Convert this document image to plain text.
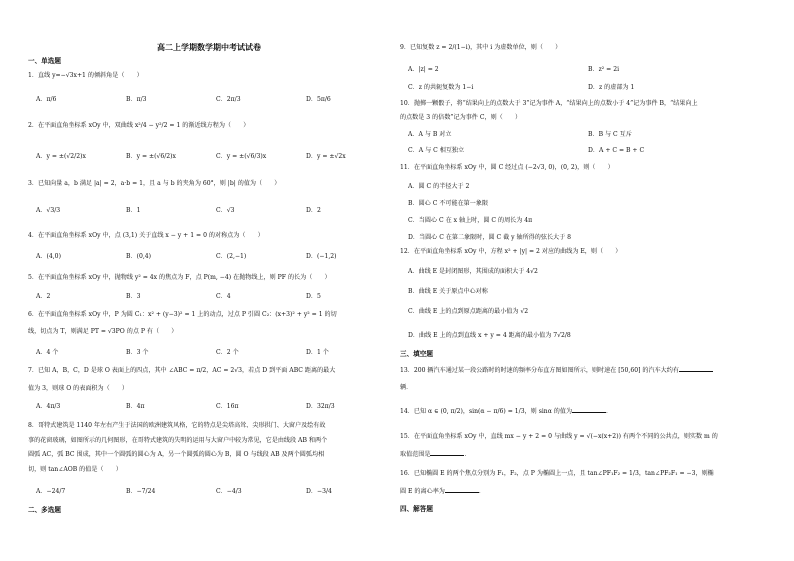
高二上学期数学期中考试试卷
一、单选题

1．直线 y=−√3x+1 的倾斜角是（　　）

A．π/6	B．π/3	C．2π/3	D．5π/6

2．在平面直角坐标系 xOy 中，双曲线 x²/4 − y²/2 = 1 的渐近线方程为（　　）

A．y = ±(√2/2)x	B．y = ±(√6/2)x	C．y = ±(√6/3)x	D．y = ±√2x

3．已知向量 a，b 满足 |a| = 2，a·b = 1，且 a 与 b 的夹角为 60°，则 |b| 的值为（　　）

A．√3/3	B．1	C．√3	D．2

4．在平面直角坐标系 xOy 中，点 (3,1) 关于直线 x − y + 1 = 0 的对称点为（　　）

A．(4,0)	B．(0,4)	C．(2,−1)	D．(−1,2)

5．在平面直角坐标系 xOy 中，抛物线 y² = 4x 的焦点为 F，点 P(m, −4) 在抛物线上，则 PF 的长为（　　）

A．2	B．3	C．4	D．5

6．在平面直角坐标系 xOy 中，P 为圆 C₁：x² + (y−3)² = 1 上的动点，过点 P 引圆 C₂：(x+3)² + y² = 1 的切

线，切点为 T，则满足 PT = √3PO 的点 P 有（　　）

A．4 个	B．3 个	C．2 个	D．1 个

7．已知 A，B，C，D 是球 O 表面上的四点，其中 ∠ABC = π/2，AC = 2√3，若点 D 到平面 ABC 距离的最大

值为 3，则球 O 的表面积为（　　）

A．4π/3	B．4π	C．16π	D．32π/3

8．哥特式建筑是 1140 年左右产生于法国的欧洲建筑风格，它的特点是尖塔高耸、尖形拱门、大窗户及绘有故

事的花窗玻璃，如图所示的几何图形，在哥特式建筑的失明的运用与大窗户中较为常见，它是由线段 AB 和两个

圆弧 AC，弧 BC 围成，其中一个圆弧的圆心为 A，另一个圆弧的圆心为 B，圆 O 与线段 AB 及两个圆弧均相

切，则 tan∠AOB 的值是（　　）

A．−24/7	B．−7/24	C．−4/3	D．−3/4
二、多选题

9．已知复数 z = 2/(1−i)，其中 i 为虚数单位，则（　　）

A．|z| = 2	B．z² = 2i
C．z 的共轭复数为 1−i	D．z 的虚部为 1

10．抛掷一颗骰子，将“结果向上的点数大于 3”记为事件 A，“结果向上的点数小于 4”记为事件 B，“结果向上

的点数是 3 的倍数”记为事件 C，则（　　）

A．A 与 B 对立	B．B 与 C 互斥
C．A 与 C 相互独立	D．A + C = B + C

11．在平面直角坐标系 xOy 中，圆 C 经过点 (−2√3, 0)，(0, 2)，则（　　）

A．圆 C 的半径大于 2
B．圆心 C 不可能在第一象限
C．当圆心 C 在 x 轴上时，圆 C 的周长为 4π
D．当圆心 C 在第二象限时，圆 C 截 y 轴所得的弦长大于 8

12．在平面直角坐标系 xOy 中，方程 x² + |y| = 2 对应的曲线为 E，则（　　）

A．曲线 E 是封闭图形，其围成的面积大于 4√2
B．曲线 E 关于原点中心对称
C．曲线 E 上的点到原点距离的最小值为 √2
D．曲线 E 上的点到直线 x + y = 4 距离的最小值为 7√2/8
三、填空题

13．200 辆汽车通过某一段公路时的时速的频率分布直方图如图所示，则时速在 [50,60] 的汽车大约有

辆．

14．已知 α ∈ (0, π/2)，sin(α − π/6) = 1/3，则 sinα 的值为	．

15．在平面直角坐标系 xOy 中，直线 mx − y + 2 = 0 与曲线 y = √(−x(x+2)) 有两个不同的公共点，则实数 m 的

取值范围是	．

16．已知椭圆 E 的两个焦点分别为 F₁，F₂，点 P 为椭圆上一点，且 tan∠PF₁F₂ = 1/3，tan∠PF₂F₁ = −3，则椭

圆 E 的离心率为	．

四、解答题
